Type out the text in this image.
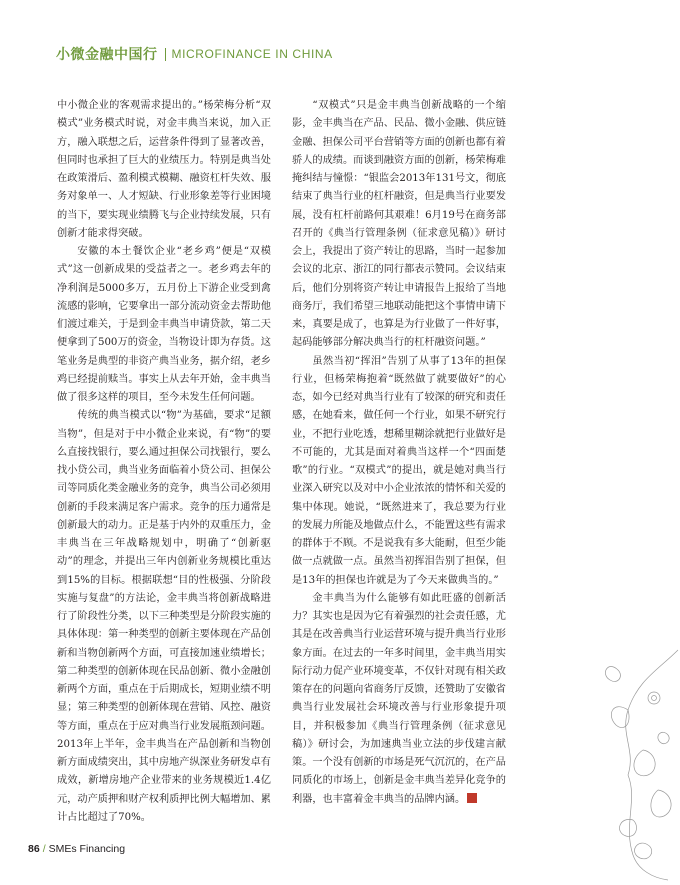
小微金融中国行 MICROFINANCE IN CHINA

中小微企业的客观需求提出的。”杨荣梅分析“双模式”业务模式时说，对金丰典当来说，加入正方，融入联想之后，运营条件得到了显著改善，但同时也承担了巨大的业绩压力。特别是典当处在政策滑后、盈利模式模糊、融资杠杆失效、服务对象单一、人才短缺、行业形象差等行业困境的当下，要实现业绩腾飞与企业持续发展，只有创新才能求得突破。

安徽的本土餐饮企业“老乡鸡”便是“双模式”这一创新成果的受益者之一。老乡鸡去年的净利润是5000多万，五月份上下游企业受到禽流感的影响，它要拿出一部分流动资金去帮助他们渡过难关，于是到金丰典当申请贷款，第二天便拿到了500万的资金，当物设计即为存货。这笔业务是典型的非资产典当业务，据介绍，老乡鸡已经提前赎当。事实上从去年开始，金丰典当做了很多这样的项目，至今未发生任何问题。

传统的典当模式以“物”为基础，要求“足额当物”，但是对于中小微企业来说，有“物”的要么直接找银行，要么通过担保公司找银行，要么找小贷公司，典当业务面临着小贷公司、担保公司等同质化类金融业务的竞争，典当公司必须用创新的手段来满足客户需求。竞争的压力通常是创新最大的动力。正是基于内外的双重压力，金丰典当在三年战略规划中，明确了“创新驱动”的理念，并提出三年内创新业务规模比重达到15%的目标。根据联想“目的性极强、分阶段实施与复盘”的方法论，金丰典当将创新战略进行了阶段性分类，以下三种类型是分阶段实施的具体体现：第一种类型的创新主要体现在产品创新和当物创新两个方面，可直接加速业绩增长；第二种类型的创新体现在民品创新、微小金融创新两个方面，重点在于后期成长，短期业绩不明显；第三种类型的创新体现在营销、风控、融资等方面，重点在于应对典当行业发展瓶颈问题。2013年上半年，金丰典当在产品创新和当物创新方面成绩突出，其中房地产纵深业务研发卓有成效，新增房地产企业带来的业务规模近1.4亿元，动产质押和财产权利质押比例大幅增加、累计占比超过了70%。

“双模式”只是金丰典当创新战略的一个缩影，金丰典当在产品、民品、微小金融、供应链金融、担保公司平台营销等方面的创新也都有着骄人的成绩。而谈到融资方面的创新，杨荣梅难掩纠结与憧憬：“银监会2013年131号文，彻底结束了典当行业的杠杆融资，但是典当行业要发展，没有杠杆前路何其艰难！6月19号在商务部召开的《典当行管理条例（征求意见稿）》研讨会上，我提出了资产转让的思路，当时一起参加会议的北京、浙江的同行都表示赞同。会议结束后，他们分别将资产转让申请报告上报给了当地商务厅，我们希望三地联动能把这个事情申请下来，真要是成了，也算是为行业做了一件好事，起码能够部分解决典当行的杠杆融资问题。”

虽然当初“挥泪”告别了从事了13年的担保行业，但杨荣梅抱着“既然做了就要做好”的心态，如今已经对典当行业有了较深的研究和责任感，在她看来，做任何一个行业，如果不研究行业，不把行业吃透，想稀里糊涂就把行业做好是不可能的，尤其是面对着典当这样一个“四面楚歌”的行业。“双模式”的提出，就是她对典当行业深入研究以及对中小企业浓浓的情怀和关爱的集中体现。她说，“既然进来了，我总要为行业的发展力所能及地做点什么，不能置这些有需求的群体于不顾。不是说我有多大能耐，但至少能做一点就做一点。虽然当初挥泪告别了担保，但是13年的担保也许就是为了今天来做典当的。”

金丰典当为什么能够有如此旺盛的创新活力？其实也是因为它有着强烈的社会责任感，尤其是在改善典当行业运营环境与提升典当行业形象方面。在过去的一年多时间里，金丰典当用实际行动力促产业环境变革，不仅针对现有相关政策存在的问题向省商务厅反馈，还赞助了安徽省典当行业发展社会环境改善与行业形象提升项目，并积极参加《典当行管理条例（征求意见稿）》研讨会，为加速典当业立法的步伐建言献策。一个没有创新的市场是死气沉沉的，在产品同质化的市场上，创新是金丰典当差异化竞争的利器，也丰富着金丰典当的品牌内涵。

86 / SMEs Financing
